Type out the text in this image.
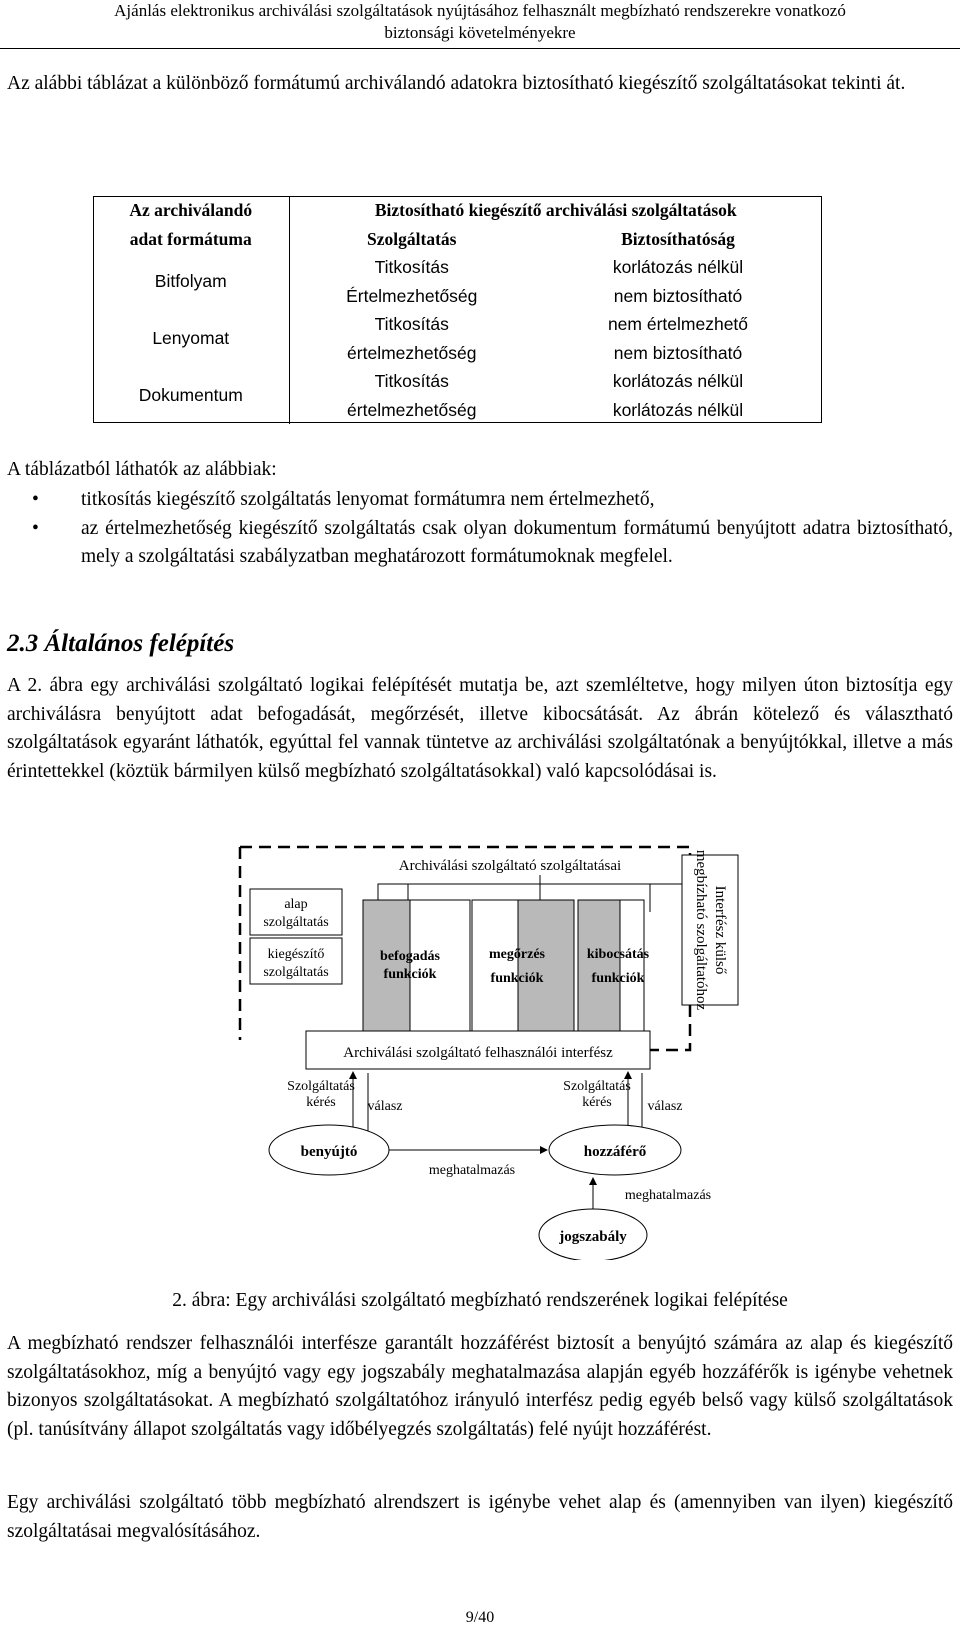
Ajánlás elektronikus archiválási szolgáltatások nyújtásához felhasznált megbízható rendszerekre vonatkozó
biztonsági követelményekre

Az alábbi táblázat a különböző formátumú archiválandó adatokra biztosítható kiegészítő szolgáltatásokat tekinti át.

Az archiválandó	Biztosítható kiegészítő archiválási szolgáltatások	
adat formátuma	Szolgáltatás	Biztosíthatóság
Bitfolyam	Titkosítás	korlátozás nélkül
	Értelmezhetőség	nem biztosítható
Lenyomat	Titkosítás	nem értelmezhető
	értelmezhetőség	nem biztosítható
Dokumentum	Titkosítás	korlátozás nélkül
	értelmezhetőség	korlátozás nélkül

A táblázatból láthatók az alábbiak:

• titkosítás kiegészítő szolgáltatás lenyomat formátumra nem értelmezhető,
• az értelmezhetőség kiegészítő szolgáltatás csak olyan dokumentum formátumú benyújtott adatra biztosítható, mely a szolgáltatási szabályzatban meghatározott formátumoknak megfelel.
2.3 Általános felépítés

A 2. ábra egy archiválási szolgáltató logikai felépítését mutatja be, azt szemléltetve, hogy milyen úton biztosítja egy archiválásra benyújtott adat befogadását, megőrzését, illetve kibocsátását. Az ábrán kötelező és választható szolgáltatások egyaránt láthatók, egyúttal fel vannak tüntetve az archiválási szolgáltatónak a benyújtókkal, illetve a más érintettekkel (köztük bármilyen külső megbízható szolgáltatásokkal) való kapcsolódásai is.

Archiválási szolgáltató szolgáltatásai
alap
szolgáltatás
kiegészítő
szolgáltatás
befogadás
funkciók
megőrzés
funkciók
kibocsátás
funkciók
Interfész külső
megbízható szolgáltatóhoz
Archiválási szolgáltató felhasználói interfész
Szolgáltatás
kérés válasz
Szolgáltatás
kérés	válasz
benyújtó	hozzáférő
meghatalmazás
jogszabály
meghatalmazás
2. ábra: Egy archiválási szolgáltató megbízható rendszerének logikai felépítése

A megbízható rendszer felhasználói interfésze garantált hozzáférést biztosít a benyújtó számára az alap és kiegészítő szolgáltatásokhoz, míg a benyújtó vagy egy jogszabály meghatalmazása alapján egyéb hozzáférők is igénybe vehetnek bizonyos szolgáltatásokat. A megbízható szolgáltatóhoz irányuló interfész pedig egyéb belső vagy külső szolgáltatások (pl. tanúsítvány állapot szolgáltatás vagy időbélyegzés szolgáltatás) felé nyújt hozzáférést.

Egy archiválási szolgáltató több megbízható alrendszert is igénybe vehet alap és (amennyiben van ilyen) kiegészítő szolgáltatásai megvalósításához.

9/40
